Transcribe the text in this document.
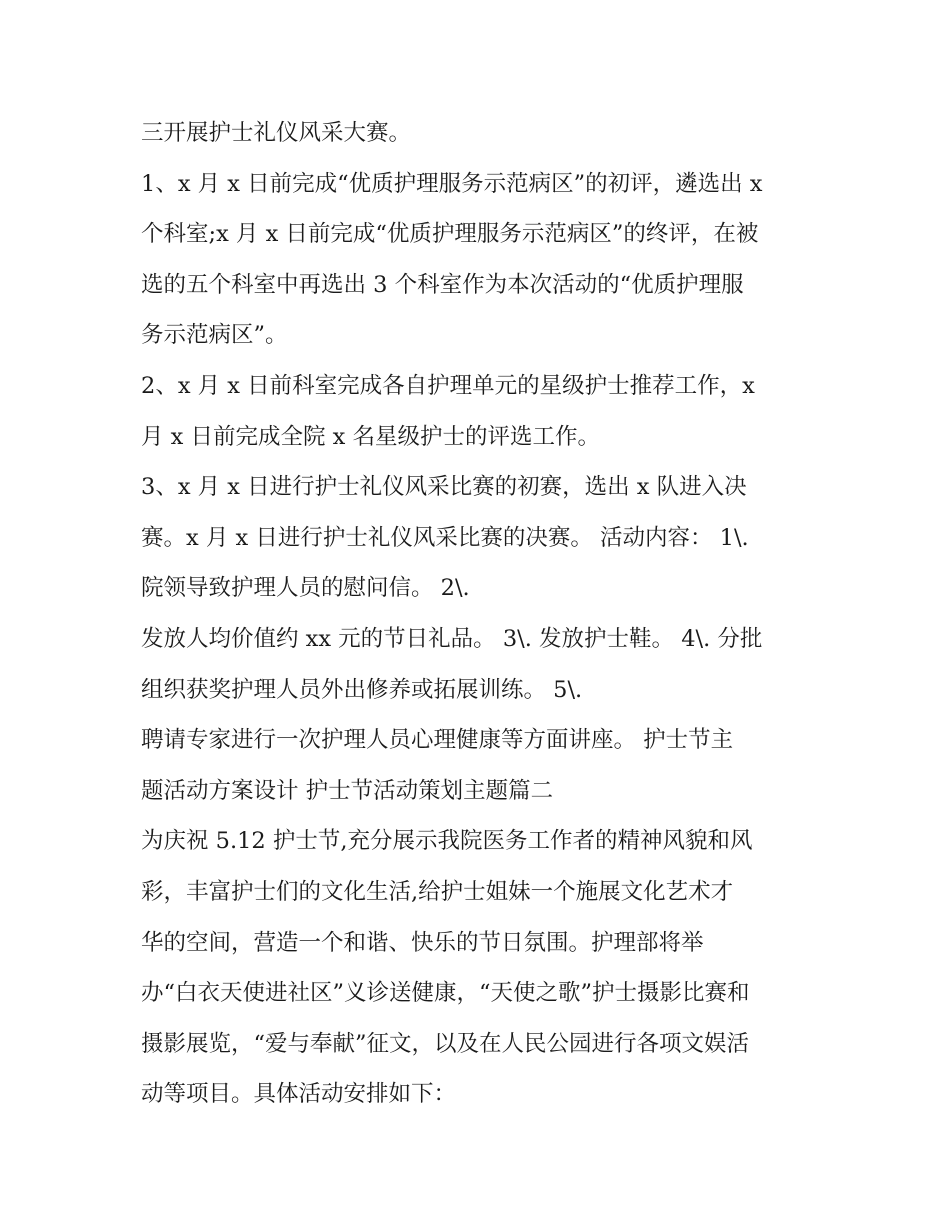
三开展护士礼仪风采大赛。
1、x 月 x 日前完成“优质护理服务示范病区”的初评，遴选出 x
个科室;x 月 x 日前完成“优质护理服务示范病区”的终评，在被
选的五个科室中再选出 3 个科室作为本次活动的“优质护理服
务示范病区”。
2、x 月 x 日前科室完成各自护理单元的星级护士推荐工作，x
月 x 日前完成全院 x 名星级护士的评选工作。
3、x 月 x 日进行护士礼仪风采比赛的初赛，选出 x 队进入决
赛。x 月 x 日进行护士礼仪风采比赛的决赛。 活动内容： 1\.
院领导致护理人员的慰问信。 2\.
发放人均价值约 xx 元的节日礼品。 3\. 发放护士鞋。 4\. 分批
组织获奖护理人员外出修养或拓展训练。 5\.
聘请专家进行一次护理人员心理健康等方面讲座。 护士节主
题活动方案设计 护士节活动策划主题篇二
为庆祝 5.12 护士节,充分展示我院医务工作者的精神风貌和风
彩，丰富护士们的文化生活,给护士姐妹一个施展文化艺术才
华的空间，营造一个和谐、快乐的节日氛围。护理部将举
办“白衣天使进社区”义诊送健康，“天使之歌”护士摄影比赛和
摄影展览，“爱与奉献”征文，以及在人民公园进行各项文娱活
动等项目。具体活动安排如下：
